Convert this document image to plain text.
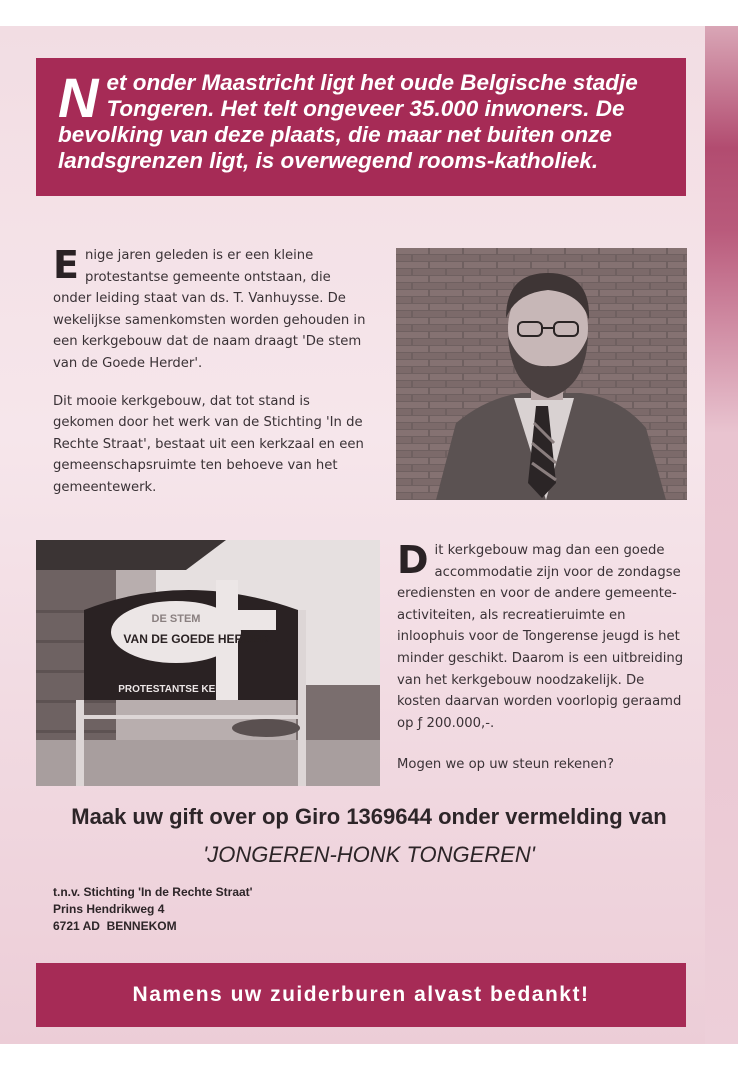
N et onder Maastricht ligt het oude Belgische stadje Tongeren. Het telt ongeveer 35.000 inwoners. De bevolking van deze plaats, die maar net buiten onze landsgrenzen ligt, is overwegend rooms-katholiek.

E nige jaren geleden is er een kleine protestantse gemeente ontstaan, die onder leiding staat van ds. T. Vanhuysse. De wekelijkse samenkomsten worden gehouden in een kerkgebouw dat de naam draagt 'De stem van de Goede Herder'.

Dit mooie kerkgebouw, dat tot stand is gekomen door het werk van de Stichting 'In de Rechte Straat', bestaat uit een kerkzaal en een gemeenschapsruimte ten behoeve van het gemeentewerk.

DE STEM
VAN DE GOEDE HERDER
PROTESTANTSE KERK

D it kerkgebouw mag dan een goede accommodatie zijn voor de zondagse erediensten en voor de andere gemeente-activiteiten, als recreatieruimte en inloophuis voor de Tongerense jeugd is het minder geschikt. Daarom is een uitbreiding van het kerkgebouw noodzakelijk. De kosten daarvan worden voorlopig geraamd op ƒ 200.000,-.

Mogen we op uw steun rekenen?

Maak uw gift over op Giro 1369644 onder vermelding van
'JONGEREN-HONK TONGEREN'
t.n.v. Stichting 'In de Rechte Straat'
Prins Hendrikweg 4
6721 AD  BENNEKOM
Namens uw zuiderburen alvast bedankt!
